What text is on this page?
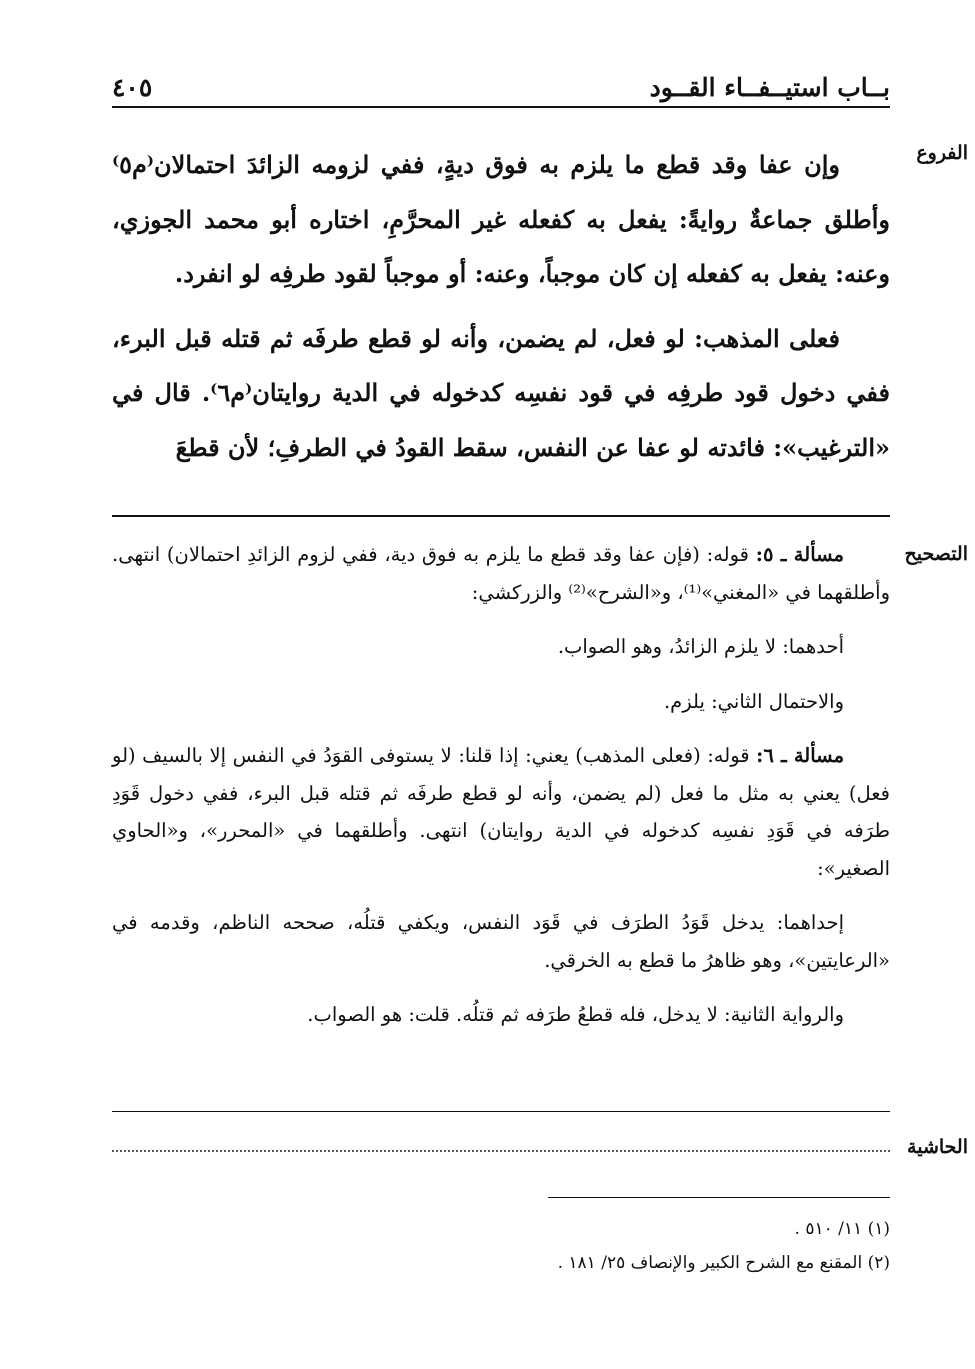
بــاب استيــفــاء القــود
٤٠٥
الفروع

وإن عفا وقد قطع ما يلزم به فوق ديةٍ، ففي لزومه الزائدَ احتمالان⁽م٥⁾ وأطلق جماعةٌ روايةً: يفعل به كفعله غير المحرَّمِ، اختاره أبو محمد الجوزي، وعنه: يفعل به كفعله إن كان موجباً، وعنه: أو موجباً لقود طرفِه لو انفرد.

فعلى المذهب: لو فعل، لم يضمن، وأنه لو قطع طرفَه ثم قتله قبل البرء، ففي دخول قود طرفِه في قود نفسِه كدخوله في الدية روايتان⁽م٦⁾. قال في «الترغيب»: فائدته لو عفا عن النفس، سقط القودُ في الطرفِ؛ لأن قطعَ

التصحيح

مسألة ـ ٥: قوله: (فإن عفا وقد قطع ما يلزم به فوق دية، ففي لزوم الزائدِ احتمالان) انتهى. وأطلقهما في «المغني»⁽¹⁾، و«الشرح»⁽²⁾ والزركشي:

أحدهما: لا يلزم الزائدُ، وهو الصواب.

والاحتمال الثاني: يلزم.

مسألة ـ ٦: قوله: (فعلى المذهب) يعني: إذا قلنا: لا يستوفى القوَدُ في النفس إلا بالسيف (لو فعل) يعني به مثل ما فعل (لم يضمن، وأنه لو قطع طرفَه ثم قتله قبل البرء، ففي دخول قَوَدِ طرَفه في قَوَدِ نفسِه كدخوله في الدية روايتان) انتهى. وأطلقهما في «المحرر»، و«الحاوي الصغير»:

إحداهما: يدخل قَوَدُ الطرَف في قَوَد النفس، ويكفي قتلُه، صححه الناظم، وقدمه في «الرعايتين»، وهو ظاهرُ ما قطع به الخرقي.

والرواية الثانية: لا يدخل، فله قطعُ طرَفه ثم قتلُه. قلت: هو الصواب.

الحاشية
(١) ١١/ ٥١٠ .
(٢) المقنع مع الشرح الكبير والإنصاف ٢٥/ ١٨١ .
